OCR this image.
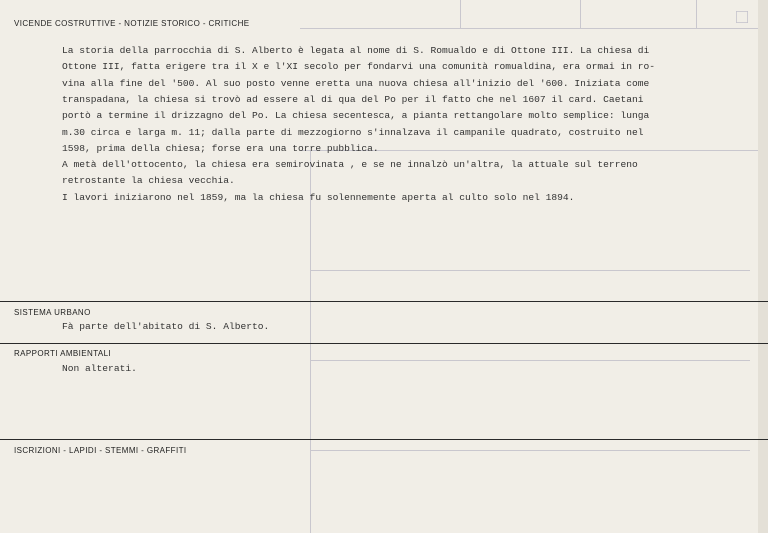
□
VICENDE COSTRUTTIVE - NOTIZIE STORICO - CRITICHE
La storia della parrocchia di S. Alberto è legata al nome di S. Romualdo e di Ottone III. La chiesa di
Ottone III, fatta erigere tra il X e l'XI secolo per fondarvi una comunità romualdina, era ormai in ro-
vina alla fine del '500. Al suo posto venne eretta una nuova chiesa all'inizio del '600. Iniziata come
transpadana, la chiesa si trovò ad essere al di qua del Po per il fatto che nel 1607 il card. Caetani
portò a termine il drizzagno del Po. La chiesa secentesca, a pianta rettangolare molto semplice: lunga
m.30 circa e larga m. 11; dalla parte di mezzogiorno s'innalzava il campanile quadrato, costruito nel
1598, prima della chiesa; forse era una torre pubblica.
A metà dell'ottocento, la chiesa era semirovinata , e se ne innalzò un'altra, la attuale sul terreno
retrostante la chiesa vecchia.
I lavori iniziarono nel 1859, ma la chiesa fu solennemente aperta al culto solo nel 1894.
SISTEMA URBANO
Fà parte dell'abitato di S. Alberto.
RAPPORTI AMBIENTALI
Non alterati.
ISCRIZIONI - LAPIDI - STEMMI - GRAFFITI
